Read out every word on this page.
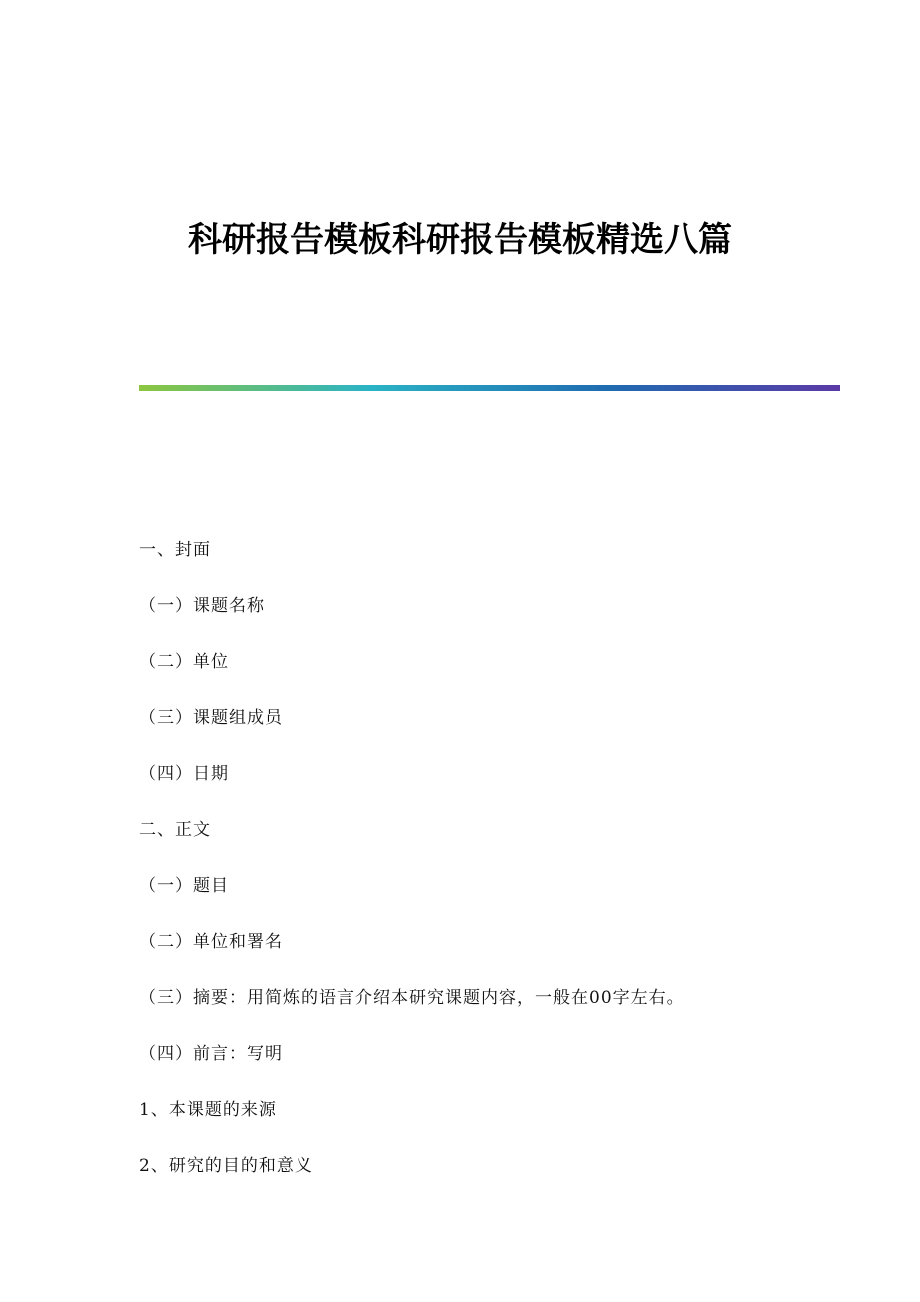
科研报告模板科研报告模板精选八篇
一、封面
（一）课题名称
（二）单位
（三）课题组成员
（四）日期
二、正文
（一）题目
（二）单位和署名
（三）摘要：用简炼的语言介绍本研究课题内容，一般在00字左右。
（四）前言：写明
1、本课题的来源
2、研究的目的和意义
